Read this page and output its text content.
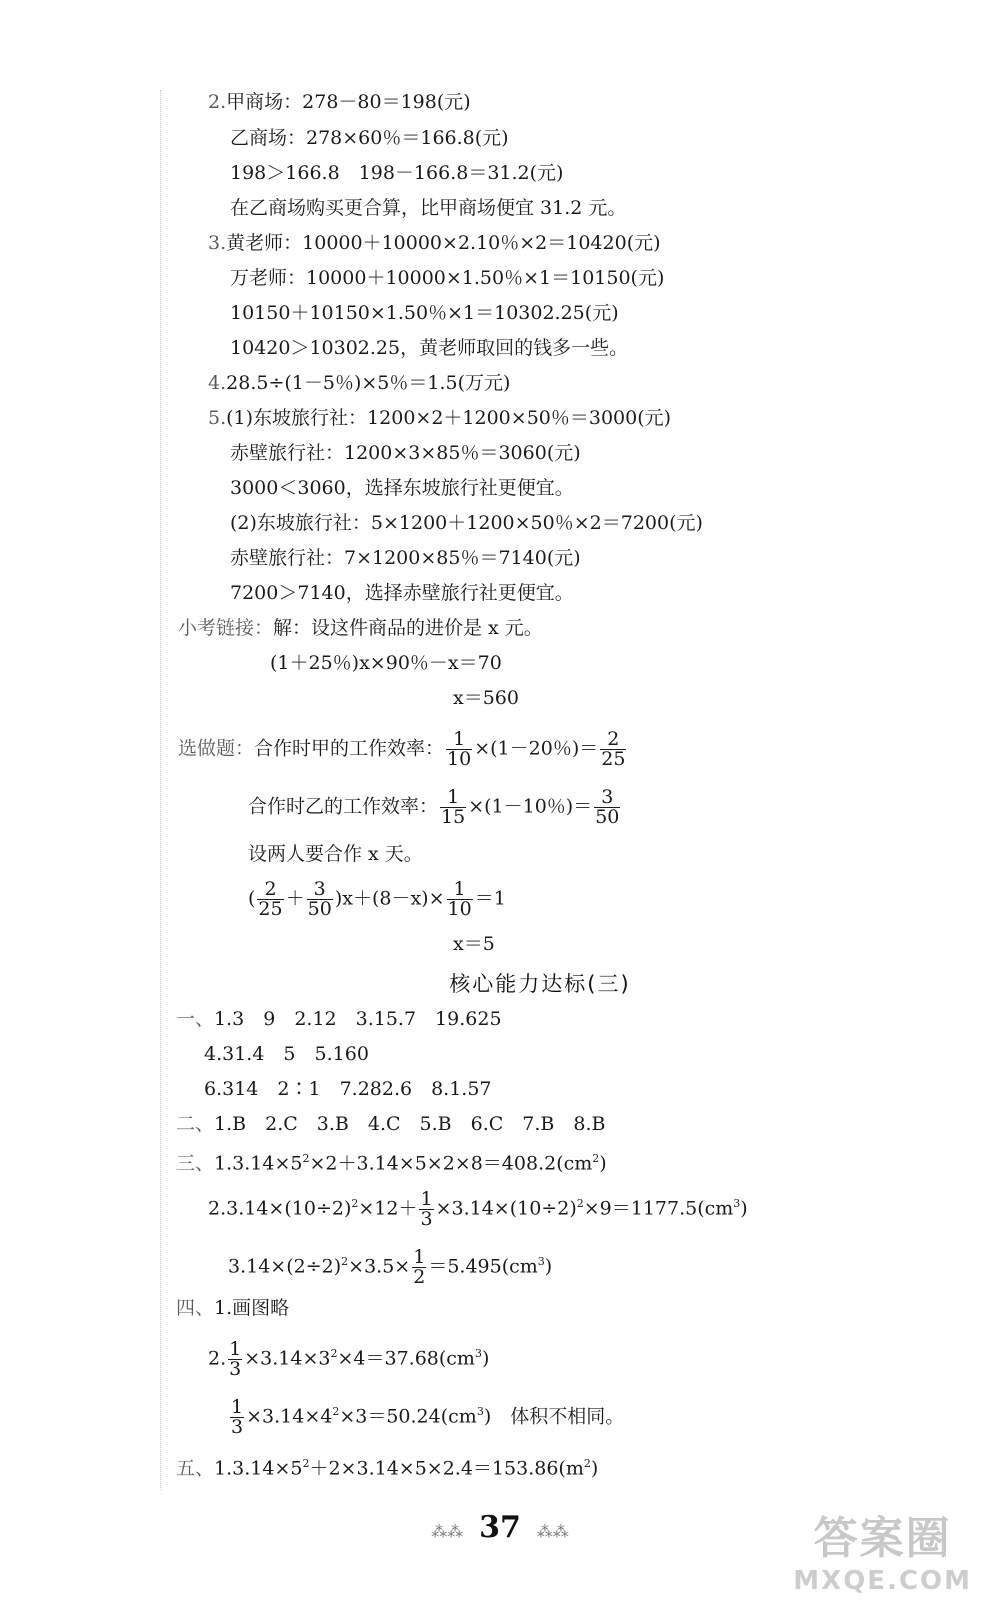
2.甲商场：278－80＝198(元)
乙商场：278×60％＝166.8(元)
198＞166.8　198－166.8＝31.2(元)
在乙商场购买更合算，比甲商场便宜 31.2 元。
3.黄老师：10000＋10000×2.10％×2＝10420(元)
万老师：10000＋10000×1.50％×1＝10150(元)
10150＋10150×1.50％×1＝10302.25(元)
10420＞10302.25，黄老师取回的钱多一些。
4.28.5÷(1－5％)×5％＝1.5(万元)
5.(1)东坡旅行社：1200×2＋1200×50％＝3000(元)
赤壁旅行社：1200×3×85％＝3060(元)
3000＜3060，选择东坡旅行社更便宜。
(2)东坡旅行社：5×1200＋1200×50％×2＝7200(元)
赤壁旅行社：7×1200×85％＝7140(元)
7200＞7140，选择赤壁旅行社更便宜。
小考链接：解：设这件商品的进价是 x 元。
(1＋25％)x×90％－x＝70
x＝560
选做题：合作时甲的工作效率： $\frac{1}{10} \times(1-20$％)＝ $\frac{2}{25}$
合作时乙的工作效率： $\frac{1}{15} \times(1-10$％)＝ $\frac{3}{50}$
设两人要合作 x 天。
( $\frac{2}{25} + \frac{3}{50} )x+(8-x)\times \frac{1}{10} =1$
x＝5
核心能力达标(三)
一、1.3　9　2.12　3.15.7　19.625
4.31.4　5　5.160
6.314　2∶1　7.282.6　8.1.57
二、1.B　2.C　3.B　4.C　5.B　6.C　7.B　8.B
三、$1.3.14\times 5^2\times 2+3.14\times 5\times 2\times 8=408.2(cm^2)$
$2.3.14\times(10\div 2)^2\times 12+ \frac{1}{3} \times 3.14\times(10\div 2)^2\times 9=1177.5(cm^3)$
$3.14\times(2\div 2)^2\times 3.5\times \frac{1}{2} =5.495(cm^3)$
四、1.画图略
2. $\frac{1}{3} \times 3.14\times 3^2\times 4=37.68(cm^3)$
$\frac{1}{3} \times 3.14\times 4^2\times 3=50.24(cm^3)$　体积不相同。
五、$1.3.14\times 5^2+2\times 3.14\times 5\times 2.4=153.86(m^2)$
⁂⁂ 37 ⁂⁂	答案圈
MXQE.COM
